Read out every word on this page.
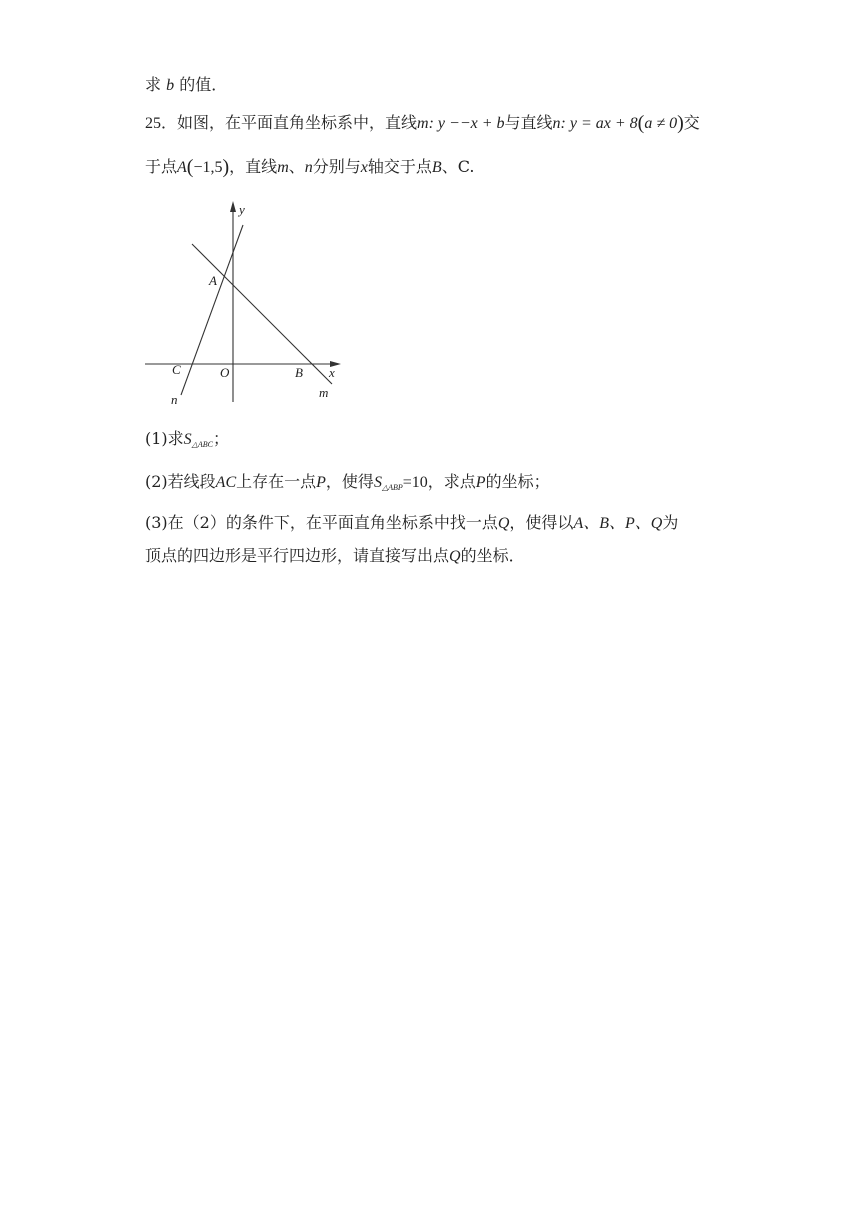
求 b 的值．
25．如图，在平面直角坐标系中，直线m: y −−x + b与直线n: y = ax + 8(a ≠ 0)交
于点A(−1,5)，直线m、n分别与x轴交于点B、C.
y
x
A
C	O	B
n	m
(1)求$S_{\triangle ABC}$；
(2)若线段AC上存在一点P，使得$S_{\triangle ABP}=10$，求点P的坐标；
(3)在（2）的条件下，在平面直角坐标系中找一点Q，使得以A、B、P、Q为
顶点的四边形是平行四边形，请直接写出点Q的坐标．
